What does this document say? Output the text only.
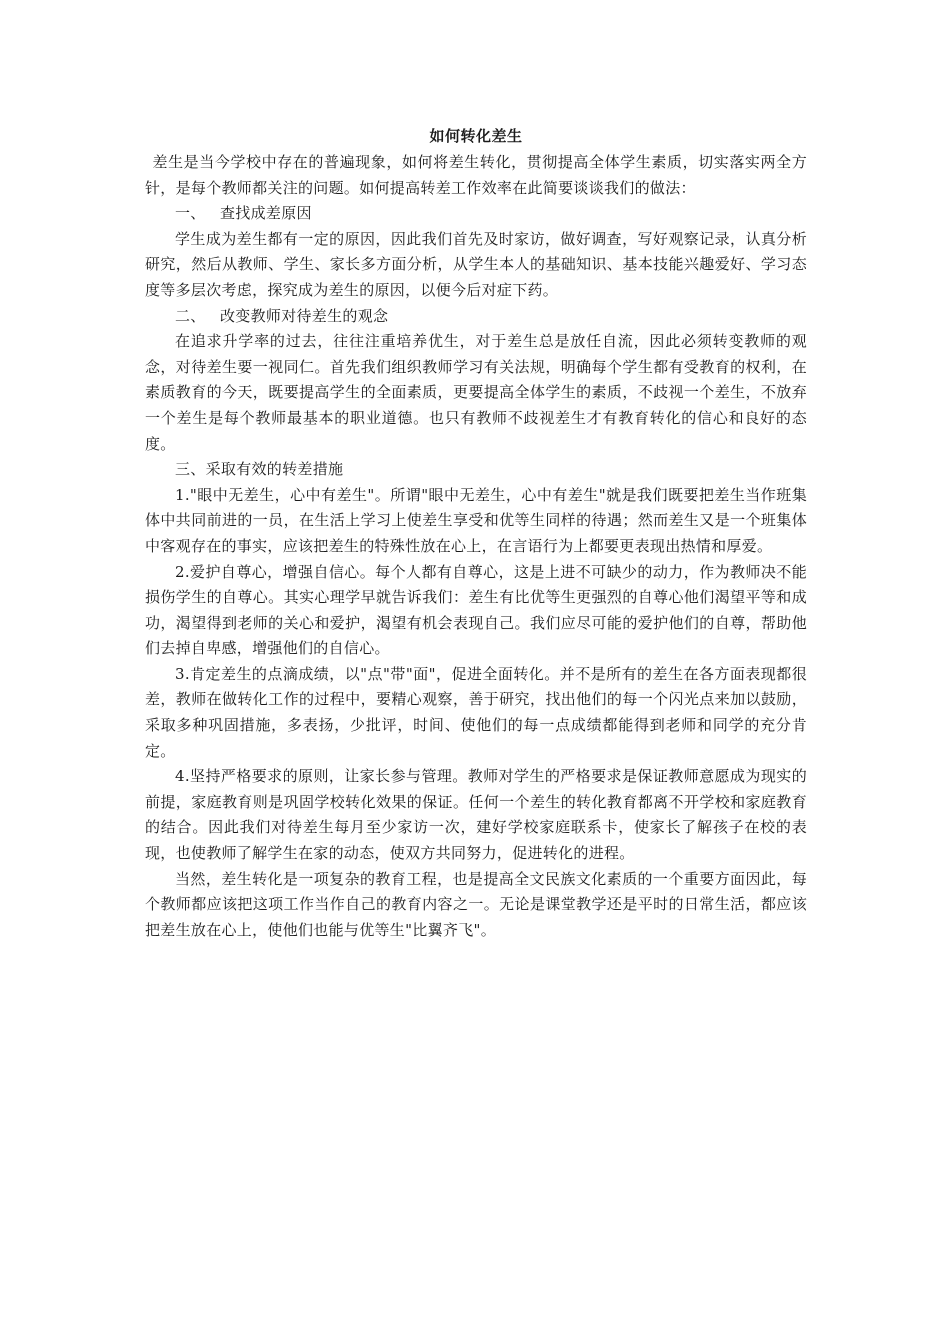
如何转化差生

差生是当今学校中存在的普遍现象，如何将差生转化，贯彻提高全体学生素质，切实落实两全方针，是每个教师都关注的问题。如何提高转差工作效率在此简要谈谈我们的做法：

一、 查找成差原因

学生成为差生都有一定的原因，因此我们首先及时家访，做好调查，写好观察记录，认真分析研究，然后从教师、学生、家长多方面分析，从学生本人的基础知识、基本技能兴趣爱好、学习态度等多层次考虑，探究成为差生的原因，以便今后对症下药。

二、 改变教师对待差生的观念

在追求升学率的过去，往往注重培养优生，对于差生总是放任自流，因此必须转变教师的观念，对待差生要一视同仁。首先我们组织教师学习有关法规，明确每个学生都有受教育的权利，在素质教育的今天，既要提高学生的全面素质，更要提高全体学生的素质，不歧视一个差生，不放弃一个差生是每个教师最基本的职业道德。也只有教师不歧视差生才有教育转化的信心和良好的态度。

三、采取有效的转差措施

1."眼中无差生，心中有差生"。所谓"眼中无差生，心中有差生"就是我们既要把差生当作班集体中共同前进的一员，在生活上学习上使差生享受和优等生同样的待遇；然而差生又是一个班集体中客观存在的事实，应该把差生的特殊性放在心上，在言语行为上都要更表现出热情和厚爱。

2.爱护自尊心，增强自信心。每个人都有自尊心，这是上进不可缺少的动力，作为教师决不能损伤学生的自尊心。其实心理学早就告诉我们：差生有比优等生更强烈的自尊心他们渴望平等和成功，渴望得到老师的关心和爱护，渴望有机会表现自己。我们应尽可能的爱护他们的自尊，帮助他们去掉自卑感，增强他们的自信心。

3.肯定差生的点滴成绩，以"点"带"面"，促进全面转化。并不是所有的差生在各方面表现都很差，教师在做转化工作的过程中，要精心观察，善于研究，找出他们的每一个闪光点来加以鼓励，采取多种巩固措施，多表扬，少批评，时间、使他们的每一点成绩都能得到老师和同学的充分肯定。

4.坚持严格要求的原则，让家长参与管理。教师对学生的严格要求是保证教师意愿成为现实的前提，家庭教育则是巩固学校转化效果的保证。任何一个差生的转化教育都离不开学校和家庭教育的结合。因此我们对待差生每月至少家访一次，建好学校家庭联系卡，使家长了解孩子在校的表现，也使教师了解学生在家的动态，使双方共同努力，促进转化的进程。

当然，差生转化是一项复杂的教育工程，也是提高全文民族文化素质的一个重要方面因此，每个教师都应该把这项工作当作自己的教育内容之一。无论是课堂教学还是平时的日常生活，都应该把差生放在心上，使他们也能与优等生"比翼齐飞"。
